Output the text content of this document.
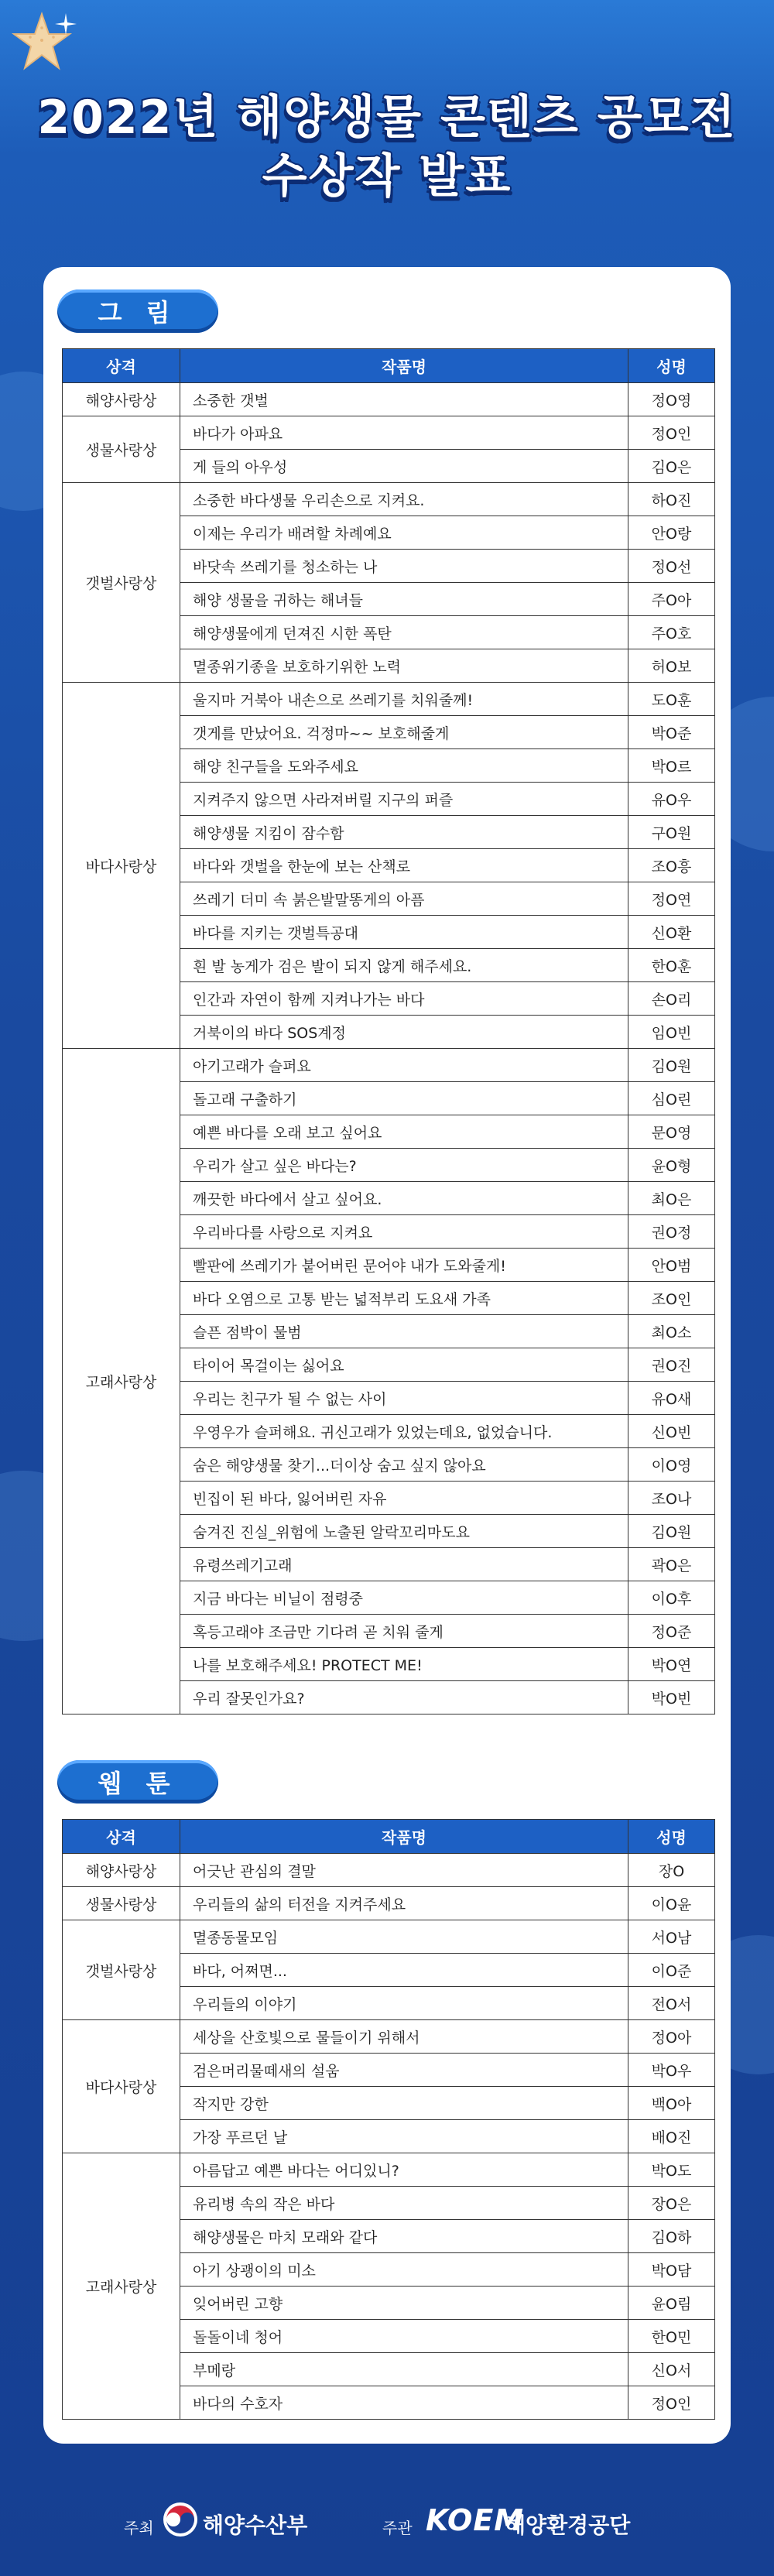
2022년 해양생물 콘텐츠 공모전
수상작 발표
그 림
상격	작품명	성명
해양사랑상	소중한 갯벌	정O영
생물사랑상	바다가 아파요	정O인
	게 들의 아우성	김O은
갯벌사랑상	소중한 바다생물 우리손으로 지켜요.	하O진
	이제는 우리가 배려할 차례예요	안O랑
	바닷속 쓰레기를 청소하는 나	정O선
	해양 생물을 귀하는 해녀들	주O아
	해양생물에게 던져진 시한 폭탄	주O호
	멸종위기종을 보호하기위한 노력	허O보
바다사랑상	울지마 거북아 내손으로 쓰레기를 치워줄께!	도O훈
	갯게를 만났어요. 걱정마~~ 보호해줄게	박O준
	해양 친구들을 도와주세요	박O르
	지켜주지 않으면 사라져버릴 지구의 퍼즐	유O우
	해양생물 지킴이 잠수함	구O원
	바다와 갯벌을 한눈에 보는 산책로	조O흥
	쓰레기 더미 속 붉은발말똥게의 아픔	정O연
	바다를 지키는 갯벌특공대	신O환
	흰 발 농게가 검은 발이 되지 않게 해주세요.	한O훈
	인간과 자연이 함께 지켜나가는 바다	손O리
	거북이의 바다 SOS계정	임O빈
고래사랑상	아기고래가 슬퍼요	김O원
	돌고래 구출하기	심O린
	예쁜 바다를 오래 보고 싶어요	문O영
	우리가 살고 싶은 바다는?	윤O형
	깨끗한 바다에서 살고 싶어요.	최O은
	우리바다를 사랑으로 지켜요	권O정
	빨판에 쓰레기가 붙어버린 문어야 내가 도와줄게!	안O범
	바다 오염으로 고통 받는 넓적부리 도요새 가족	조O인
	슬픈 점박이 물범	최O소
	타이어 목걸이는 싫어요	권O진
	우리는 친구가 될 수 없는 사이	유O새
	우영우가 슬퍼해요. 귀신고래가 있었는데요, 없었습니다.	신O빈
	숨은 해양생물 찾기...더이상 숨고 싶지 않아요	이O영
	빈집이 된 바다, 잃어버린 자유	조O나
	숨겨진 진실_위험에 노출된 알락꼬리마도요	김O원
	유령쓰레기고래	곽O은
	지금 바다는 비닐이 점령중	이O후
	혹등고래야 조금만 기다려 곧 치워 줄게	정O준
	나를 보호해주세요! PROTECT ME!	박O연
	우리 잘못인가요?	박O빈
웹 툰
상격	작품명	성명
해양사랑상	어긋난 관심의 결말	장O
생물사랑상	우리들의 삶의 터전을 지켜주세요	이O윤
갯벌사랑상	멸종동물모임	서O남
	바다, 어쩌면...	이O준
	우리들의 이야기	전O서
바다사랑상	세상을 산호빛으로 물들이기 위해서	정O아
	검은머리물떼새의 설움	박O우
	작지만 강한	백O아
	가장 푸르던 날	배O진
고래사랑상	아름답고 예쁜 바다는 어디있니?	박O도
	유리병 속의 작은 바다	장O은
	해양생물은 마치 모래와 같다	김O하
	아기 상괭이의 미소	박O담
	잊어버린 고향	윤O림
	돌돌이네 청어	한O민
	부메랑	신O서
	바다의 수호자	정O인
주최 해양수산부	주관 KOEM
해양환경공단
